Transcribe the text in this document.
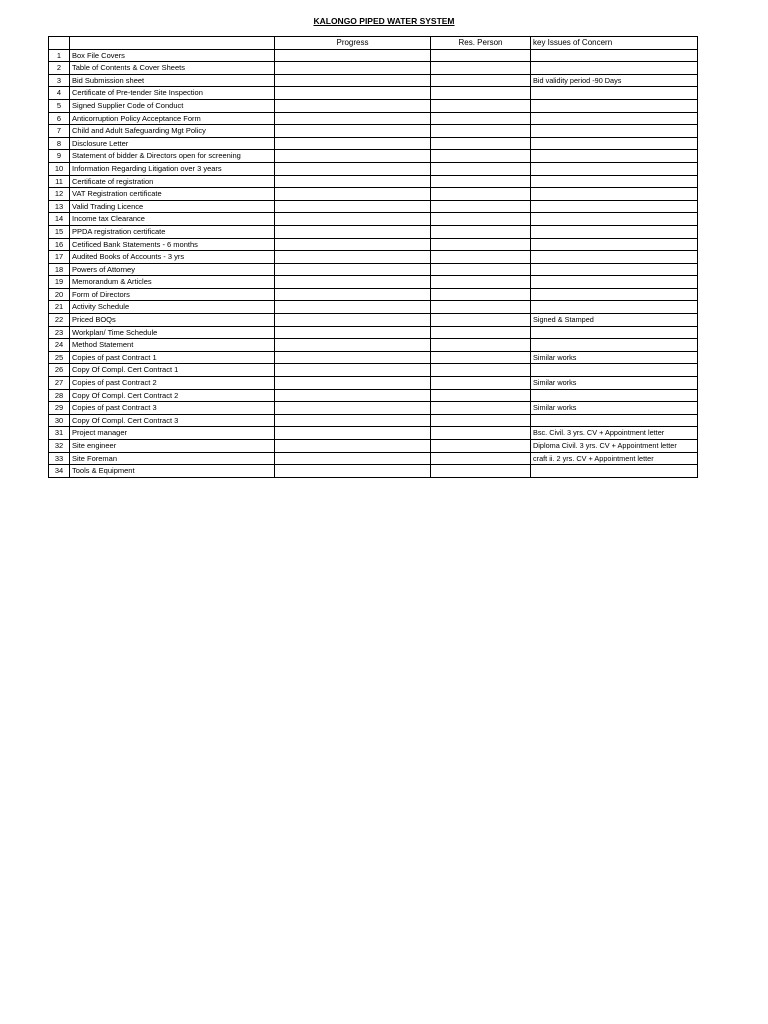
KALONGO PIPED WATER SYSTEM
		Progress	Res. Person	key Issues of Concern
1	Box File Covers			
2	Table of Contents & Cover Sheets			
3	Bid Submission sheet			Bid validity period -90 Days
4	Certificate of Pre-tender Site Inspection			
5	Signed Supplier Code of Conduct			
6	Anticorruption Policy Acceptance Form			
7	Child and Adult Safeguarding Mgt Policy			
8	Disclosure Letter			
9	Statement of bidder & Directors open for screening			
10	Information Regarding Litigation over 3 years			
11	Certificate of registration			
12	VAT Registration certificate			
13	Valid Trading Licence			
14	Income tax Clearance			
15	PPDA registration certificate			
16	Cetificed Bank Statements - 6 months			
17	Audited Books of Accounts - 3 yrs			
18	Powers of Attorney			
19	Memorandum & Articles			
20	Form of Directors			
21	Activity Schedule			
22	Priced BOQs			Signed & Stamped
23	Workplan/ Time Schedule			
24	Method Statement			
25	Copies of past Contract 1			Similar works
26	Copy Of Compl. Cert Contract 1			
27	Copies of past Contract 2			Similar works
28	Copy Of Compl. Cert Contract 2			
29	Copies of past Contract 3			Similar works
30	Copy Of Compl. Cert Contract 3			
31	Project manager			Bsc. Civil. 3 yrs. CV + Appointment letter
32	Site engineer			Diploma Civil. 3 yrs. CV + Appointment letter
33	Site Foreman			craft ii. 2 yrs. CV + Appointment letter
34	Tools & Equipment			
